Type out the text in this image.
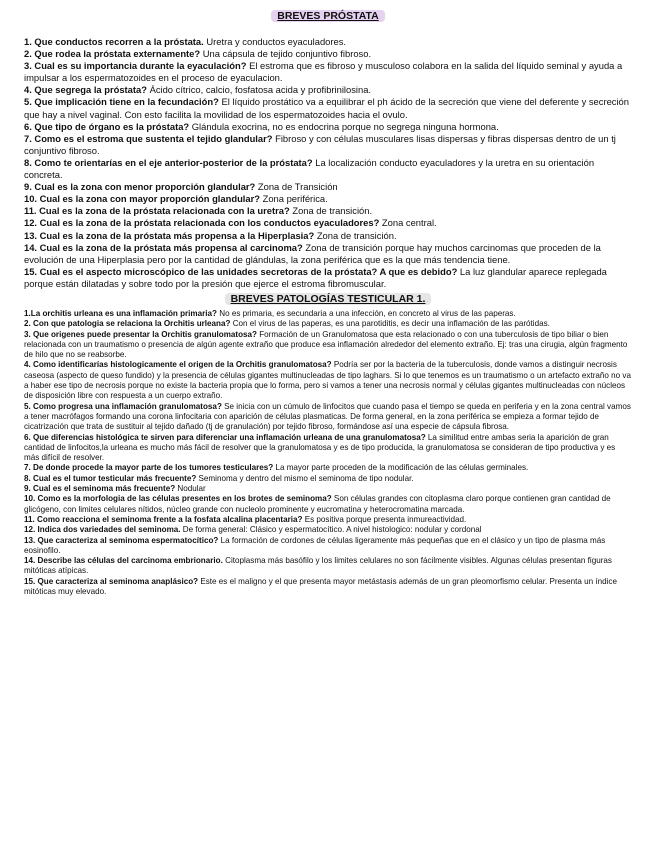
BREVES PRÓSTATA

1. Que conductos recorren a la próstata. Uretra y conductos eyaculadores.

2. Que rodea la próstata externamente? Una cápsula de tejido conjuntivo fibroso.

3. Cual es su importancia durante la eyaculación? El estroma que es fibroso y musculoso colabora en la salida del líquido seminal y ayuda a impulsar a los espermatozoides en el proceso de eyaculacion.

4. Que segrega la próstata? Ácido cítrico, calcio, fosfatosa acida y profibrinilosina.

5. Que implicación tiene en la fecundación? El líquido prostático va a equilibrar el ph ácido de la secreción que viene del deferente y secreción que hay a nivel vaginal. Con esto facilita la movilidad de los espermatozoides hacia el ovulo.

6. Que tipo de órgano es la próstata? Glándula exocrina, no es endocrina porque no segrega ninguna hormona.

7. Como es el estroma que sustenta el tejido glandular? Fibroso y con células musculares lisas dispersas y fibras dispersas dentro de un tj conjuntivo fibroso.

8. Como te orientarías en el eje anterior-posterior de la próstata? La localización conducto eyaculadores y la uretra en su orientación concreta.

9. Cual es la zona con menor proporción glandular? Zona de Transición

10. Cual es la zona con mayor proporción glandular? Zona periférica.

11. Cual es la zona de la próstata relacionada con la uretra? Zona de transición.

12. Cual es la zona de la próstata relacionada con los conductos eyaculadores? Zona central.

13. Cual es la zona de la próstata más propensa a la Hiperplasia? Zona de transición.

14. Cual es la zona de la próstata más propensa al carcinoma? Zona de transición porque hay muchos carcinomas que proceden de la evolución de una Hiperplasia pero por la cantidad de glándulas, la zona periférica que es la que más tendencia tiene.

15. Cual es el aspecto microscópico de las unidades secretoras de la próstata? A que es debido? La luz glandular aparece replegada porque están dilatadas y sobre todo por la presión que ejerce el estroma fibromuscular.

BREVES PATOLOGÍAS TESTICULAR 1.

1.La orchitis urleana es una inflamación primaria? No es primaria, es secundaria a una infección, en concreto al virus de las paperas.

2. Con que patologia se relaciona la Orchitis urleana? Con el virus de las paperas, es una parotiditis, es decir una inflamación de las parótidas.

3. Que origenes puede presentar la Orchitis granulomatosa? Formación de un Granulomatosa que esta relacionado o con una tuberculosis de tipo biliar o bien relacionada con un traumatismo o presencia de algún agente extraño que produce esa inflamación alrededor del elemento extraño. Ej: tras una cirugia, algún fragmento de hilo que no se reabsorbe.

4. Como identificarías histologicamente el origen de la Orchitis granulomatosa? Podría ser por la bacteria de la tuberculosis, donde vamos a distinguir necrosis caseosa (aspecto de queso fundido) y la presencia de células gigantes multinucleadas de tipo laghars. Si lo que tenemos es un traumatismo o un artefacto extraño no va a haber ese tipo de necrosis porque no existe la bacteria propia que lo forma, pero si vamos a tener una necrosis normal y células gigantes multinucleadas con núcleos de disposición libre con respuesta a un cuerpo extraño.

5. Como progresa una inflamación granulomatosa? Se inicia con un cúmulo de linfocitos que cuando pasa el tiempo se queda en periferia y en la zona central vamos a tener macrófagos formando una corona linfocitaria con aparición de células plasmaticas. De forma general, en la zona periférica se empieza a formar tejido de cicatrización que trata de sustituir al tejido dañado (tj de granulación) por tejido fibroso, formándose así una especie de cápsula fibrosa.

6. Que diferencias histológica te sirven para diferenciar una inflamación urleana de una granulomatosa? La similitud entre ambas seria la aparición de gran cantidad de linfocitos,la urleana es mucho más fácil de resolver que la granulomatosa y es de tipo producida, la granulomatosa se consideran de tipo productiva y es más difícil de resolver.

7. De donde procede la mayor parte de los tumores testiculares? La mayor parte proceden de la modificación de las células germinales.

8. Cual es el tumor testicular más frecuente? Seminoma y dentro del mismo el seminoma de tipo nodular.

9. Cual es el seminoma más frecuente? Nodular

10. Como es la morfologia de las células presentes en los brotes de seminoma? Son células grandes con citoplasma claro porque contienen gran cantidad de glicógeno, con limites celulares nítidos, núcleo grande con nucleolo prominente y eucromatina y heterocromatina marcada.

11. Como reacciona el seminoma frente a la fosfata alcalina placentaria? Es positiva porque presenta inmureactividad.

12. Indica dos variedades del seminoma. De forma general: Clásico y espermatocítico. A nivel histologico: nodular y cordonal

13. Que caracteriza al seminoma espermatocítico? La formación de cordones de células ligeramente más pequeñas que en el clásico y un tipo de plasma más eosinofilo.

14. Describe las células del carcinoma embrionario. Citoplasma más basófilo y los limites celulares no son fácilmente visibles. Algunas células presentan figuras mitóticas atípicas.

15. Que caracteriza al seminoma anaplásico? Este es el maligno y el que presenta mayor metástasis además de un gran pleomorfismo celular. Presenta un índice mitóticas muy elevado.
